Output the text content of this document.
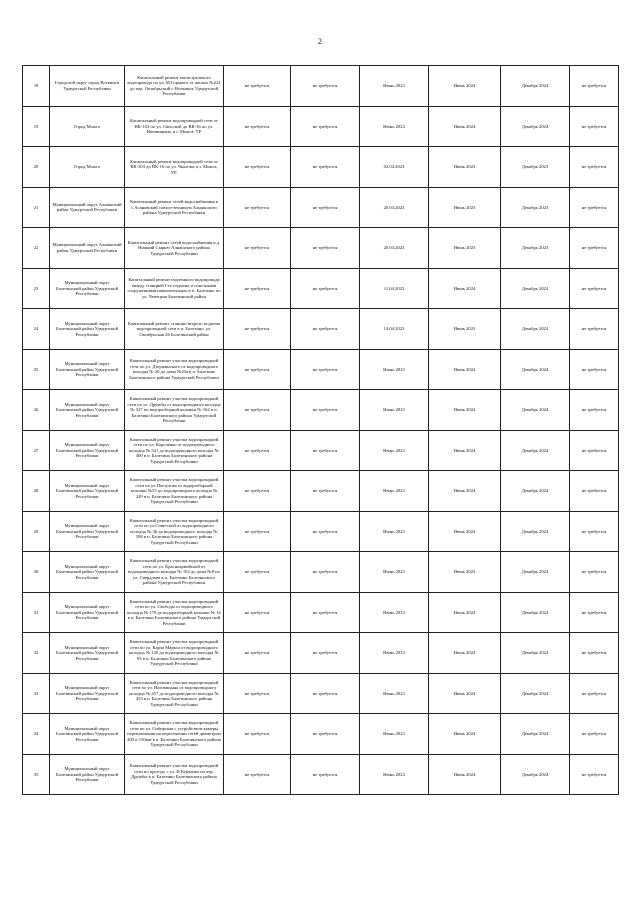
2
18	Городской округ город Воткинск Удмуртской Республики	Капитальный ремонт магистрального водопровода по ул. М.Горького от жилых №222 до пер. Октябрьский г. Воткинск Удмуртской Республики	не требуется	не требуется	Июнь 2023	Июнь 2024	Декабрь 2024	не требуется
19	Город Можга	Капитальный ремонт водопроводной сети от ВК-102 по ул. Свисской до ВК-16 по ул. Наговицына, в г. Можга, УР	не требуется	не требуется	Июнь 2023	Июнь 2024	Декабрь 2024	не требуется
20	Город Можга	Капитальный ремонт водопроводной сети от ВК-303 до ВК-16 по ул. Чкалова, в г. Можга, УР.	не требуется	не требуется	02.04.2023	Июнь 2023	Декабрь 2023	не требуется
21	Муниципальный округ Алнашский район Удмуртской Республики	Капитальный ремонт сетей водоснабжения в с.Асановский совхоз-техникум Алнашского района Удмуртской Республики	не требуется	не требуется	20.03.2023	Июнь 2023	Декабрь 2023	не требуется
22	Муниципальный округ Алнашский район Удмуртской Республики	Капитальный ремонт сетей водоснабжения в д. Нижний Сырьез Алнашского района Удмуртской Республики	не требуется	не требуется	20.03.2023	Июнь 2023	Декабрь 2023	не требуется
23	Муниципальный округ Балезинский район Удмуртской Республики	Капитальный ремонт подземного водопровода между станцией I-го подъема и очистными сооружениями накопительных в п. Балезино по ул. Чепецкая Балезинский район	не требуется	не требуется	11.04.2023	Июнь 2024	Декабрь 2024	не требуется
24	Муниципальный округ Балезинский район Удмуртской Республики	Капитальный ремонт станции второго подъема водопроводной сети в п. Балезино, ул. Октябрьская 26 Балезинский район	не требуется	не требуется	14.04.2023	Июнь 2023	Декабрь 2024	не требуется
25	Муниципальный округ Балезинский район Удмуртской Республики	Капитальный ремонт участка водопроводной сети по ул. Дзержинского от водопроводного колодца № 20 до дома №20а в п. Балезино Балезинского района Удмуртской Республики	не требуется	не требуется	Июнь 2023	Июнь 2024	Декабрь 2024	не требуется
26	Муниципальный округ Балезинский район Удмуртской Республики	Капитальный ремонт участка водопроводной сети по ул. Дружбы от водопроводного колодца № 327 по водоразборной колонки № 162 в п. Балезино Балезинского района Удмуртской Республики	не требуется	не требуется	Июнь 2023	Июнь 2024	Декабрь 2024	не требуется
27	Муниципальный округ Балезинский район Удмуртской Республики	Капитальный ремонт участка водопроводной сети по ул. Короленко от водопроводного колодца № 541 до водопроводного колодца № 400 в п. Балезино Балезинского района Удмуртской Республики	не требуется	не требуется	Июнь 2023	Июнь 2024	Декабрь 2024	не требуется
28	Муниципальный округ Балезинский район Удмуртской Республики	Капитальный ремонт участка водопроводной сети по ул.Пастухова от водоразборной колонки №55 до водопроводного колодца № 249 в п. Балезино Балезинского района Удмуртской Республики	не требуется	не требуется	Июнь 2023	Июнь 2024	Декабрь 2024	не требуется
29	Муниципальный округ Балезинский район Удмуртской Республики	Капитальный ремонт участка водопроводной сети по ул.Советской от водопроводного колодца № 36 до водопроводного колодца № 398 в п. Балезино Балезинского района Удмуртской Республики	не требуется	не требуется	Июнь 2023	Июнь 2024	Декабрь 2024	не требуется
30	Муниципальный округ Балезинский район Удмуртской Республики	Капитальный ремонт участка водопроводной сети по ул. Красноармейской от водопроводного колодца № 102 до дома №8 по ул. Свердлова в п. Балезино Балезинского района Удмуртской Республики	не требуется	не требуется	Июнь 2023	Июнь 2023	Декабрь 2024	не требуется
31	Муниципальный округ Балезинский район Удмуртской Республики	Капитальный ремонт участка водопроводной сети по ул. Свободы от водопроводного колодца № 179 до водоразборной колонки № 16 в п. Балезино Балезинского района Удмуртской Республики	не требуется	не требуется	Июнь 2023	Июнь 2024	Декабрь 2024	не требуется
32	Муниципальный округ Балезинский район Удмуртской Республики	Капитальный ремонт участка водопроводной сети по ул. Карла Маркса от водопроводного колодца № 126 до водопроводного колодца № 93 в п. Балезино Балезинского района Удмуртской Республики	не требуется	не требуется	Июнь 2023	Июнь 2024	Декабрь 2024	не требуется
33	Муниципальный округ Балезинский район Удмуртской Республики	Капитальный ремонт участка водопроводной сети по ул. Наговицына от водопроводного колодца № 457 до водопроводного колодца № 453 в п. Балезино Балезинского района Удмуртской Республики	не требуется	не требуется	Июнь 2023	Июнь 2024	Декабрь 2024	не требуется
34	Муниципальный округ Балезинский район Удмуртской Республики	Капитальный ремонт участка водопроводной сети по ул. Сибирская с устройством камеры переключения на пересечении сетей диаметром 200 и 150мм в п. Балезино Балезинского района Удмуртской Республики	не требуется	не требуется	Июнь 2023	Июнь 2024	Декабрь 2024	не требуется
35	Муниципальный округ Балезинский район Удмуртской Республики	Капитальный ремонт участка водопроводной сети по проезду с ул. И.Курченко на пер. Дружбы в п. Балезино Балезинского района Удмуртской Республики	не требуется	не требуется	Июнь 2023	Июнь 2024	Декабрь 2024	не требуется
